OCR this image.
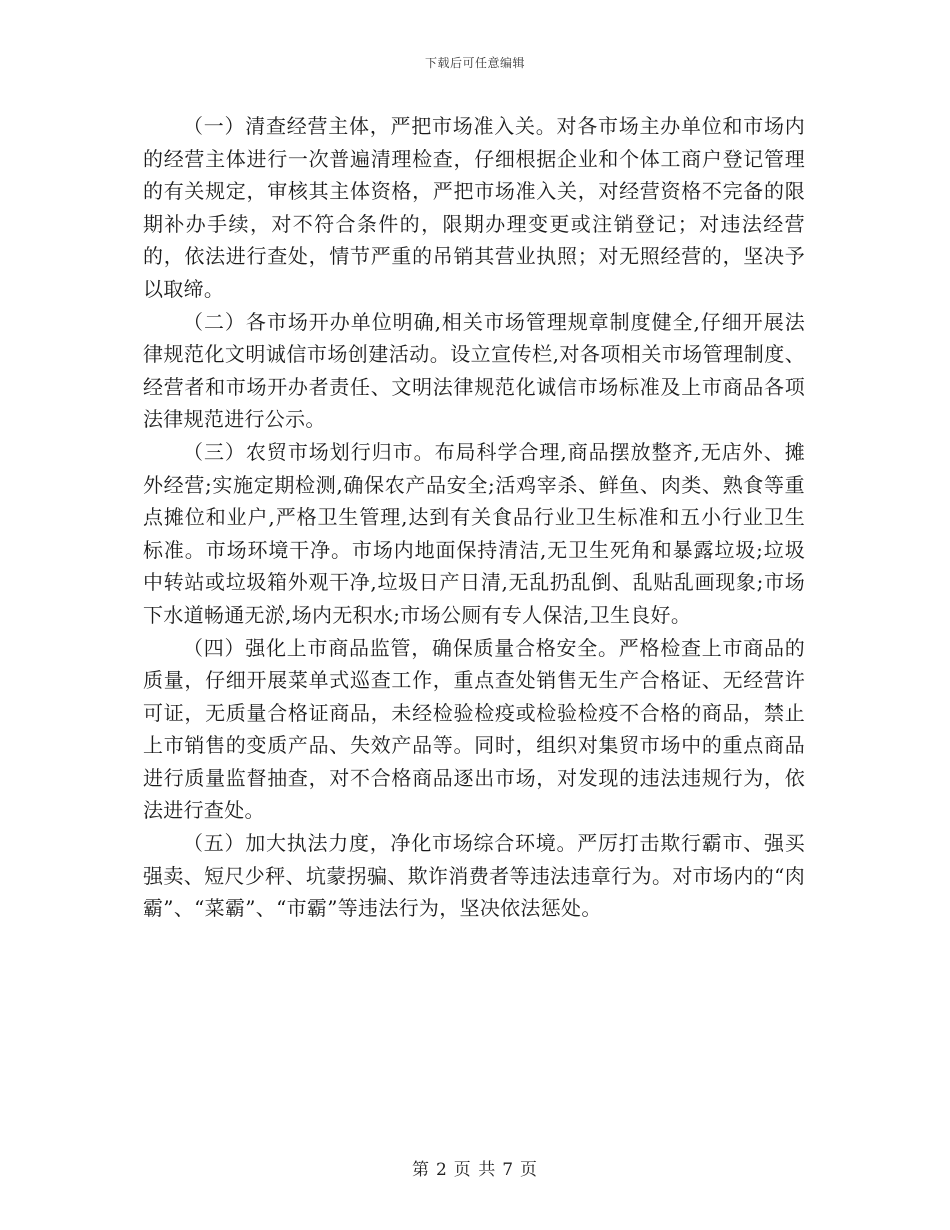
下载后可任意编辑

（一）清查经营主体，严把市场准入关。对各市场主办单位和市场内的经营主体进行一次普遍清理检查，仔细根据企业和个体工商户登记管理的有关规定，审核其主体资格，严把市场准入关，对经营资格不完备的限期补办手续，对不符合条件的，限期办理变更或注销登记；对违法经营的，依法进行查处，情节严重的吊销其营业执照；对无照经营的，坚决予以取缔。

（二）各市场开办单位明确,相关市场管理规章制度健全,仔细开展法律规范化文明诚信市场创建活动。设立宣传栏,对各项相关市场管理制度、经营者和市场开办者责任、文明法律规范化诚信市场标准及上市商品各项法律规范进行公示。

（三）农贸市场划行归市。布局科学合理,商品摆放整齐,无店外、摊外经营;实施定期检测,确保农产品安全;活鸡宰杀、鲜鱼、肉类、熟食等重点摊位和业户,严格卫生管理,达到有关食品行业卫生标准和五小行业卫生标准。市场环境干净。市场内地面保持清洁,无卫生死角和暴露垃圾;垃圾中转站或垃圾箱外观干净,垃圾日产日清,无乱扔乱倒、乱贴乱画现象;市场下水道畅通无淤,场内无积水;市场公厕有专人保洁,卫生良好。

（四）强化上市商品监管，确保质量合格安全。严格检查上市商品的质量，仔细开展菜单式巡查工作，重点查处销售无生产合格证、无经营许可证，无质量合格证商品，未经检验检疫或检验检疫不合格的商品，禁止上市销售的变质产品、失效产品等。同时，组织对集贸市场中的重点商品进行质量监督抽查，对不合格商品逐出市场，对发现的违法违规行为，依法进行查处。

（五）加大执法力度，净化市场综合环境。严厉打击欺行霸市、强买强卖、短尺少秤、坑蒙拐骗、欺诈消费者等违法违章行为。对市场内的“肉霸”、“菜霸”、“市霸”等违法行为，坚决依法惩处。

第 2 页 共 7 页
